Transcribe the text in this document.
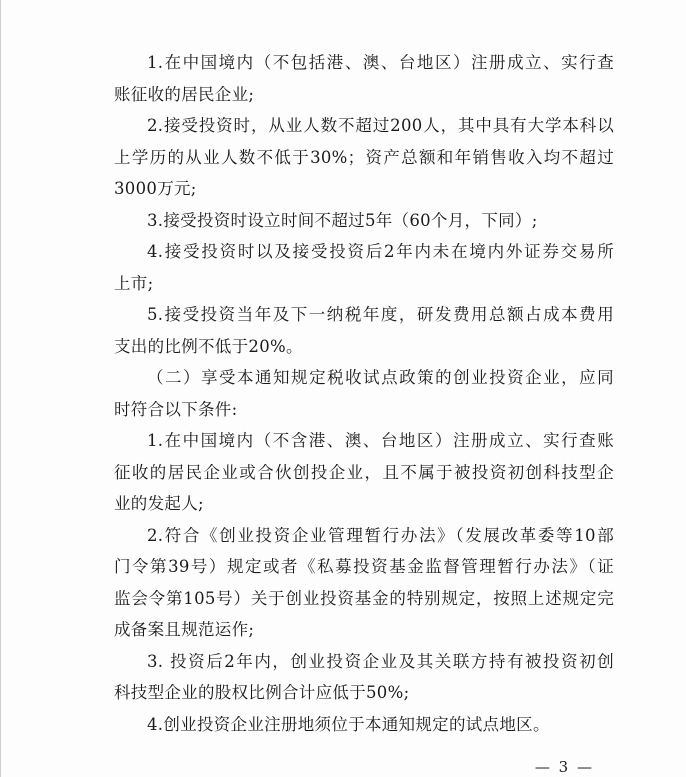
1.在中国境内（不包括港、澳、台地区）注册成立、实行查
账征收的居民企业;
2.接受投资时，从业人数不超过200人，其中具有大学本科以
上学历的从业人数不低于30%；资产总额和年销售收入均不超过
3000万元;
3.接受投资时设立时间不超过5年（60个月，下同）;
4.接受投资时以及接受投资后2年内未在境内外证券交易所
上市;
5.接受投资当年及下一纳税年度，研发费用总额占成本费用
支出的比例不低于20%。
（二）享受本通知规定税收试点政策的创业投资企业，应同
时符合以下条件:
1.在中国境内（不含港、澳、台地区）注册成立、实行查账
征收的居民企业或合伙创投企业，且不属于被投资初创科技型企
业的发起人;
2.符合《创业投资企业管理暂行办法》（发展改革委等10部
门令第39号）规定或者《私募投资基金监督管理暂行办法》（证
监会令第105号）关于创业投资基金的特别规定，按照上述规定完
成备案且规范运作;
3. 投资后2年内，创业投资企业及其关联方持有被投资初创
科技型企业的股权比例合计应低于50%;
4.创业投资企业注册地须位于本通知规定的试点地区。
— 3 —
